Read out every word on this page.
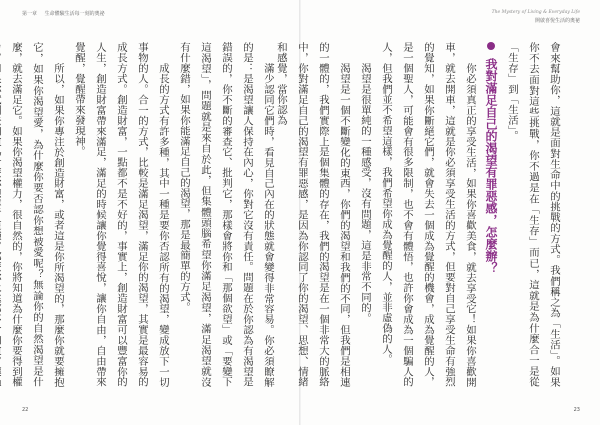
第一章 生命體驗生活每一刻的奧祕

滿少認同它們時，看見自己內在的狀態就會變得非常容易。你必須瞭解的是：是渴望讓人保持在內心，你對它沒有責任。問題在於你認為有渴望是錯誤的，你不斷的審查它、批判它，那樣會將你和「那個欲望」或「要變下這渴望」，問題就是來自於此，但集體頭腦希望你滿足渴望，滿足渴望就沒有什麼錯，如果你能滿足自己的渴望，那是最簡單的方式。

成長的方式有許多種，其中一種是要你否認所有的渴望，變成放下一切事物的人。合一的方式，比較是滿足渴望，滿足你的渴望，其實是最容易的成長方式。創造財富，一點都不是不好的，事實上，創造財富可以豐富你的人生，創造財富帶來滿足，滿足的時候讓你覺得喜悅，讓你自由，自由帶來覺醒，覺醒帶來發現神。

所以，如果你專注於創造財富，或者這是你所渴望的，那麼你就要擁抱它，如果你渴望愛，為什麼你要否認你想被愛呢？無論你的自然渴望是什麼，就去滿足它。如果你渴望權力，很自然的，你將知道為什麼你要得到權

22
The Mystery of Living & Everyday Life
開啟喜悅生活的奧祕

會來幫助你，這就是面對生命中的挑戰的方式。我們稱之為「生活」。如果你不去面對這些挑戰，你不過是在「生存」而已，這就是為什麼合一是從「生存」到「生活」。

我對滿足自己的渴望有罪惡感，怎麼辦？

你必須真正的享受生活，如果你喜歡美食，就去享受它！如果你喜歡開車，就去開車，這就是你必須享受生活的方式，但要對自己享受生命有強烈的覺知，如果你斷絕它們，就會失去一個成為覺醒的機會，成為覺醒的人，是一個聖人，可能會有很多限制，也不會有體悟，也許你會成為一個騙人的人，但我們並不希望這樣，我們希望你成為覺醒的人，並非虛偽的人。

渴望是很單純的一種感受，沒有問題，這是非常不同的。

渴望是一個不斷變化的東西，你們的渴望和我們的不同，但我們是相連的一體的，我們實際上是個集體的存在，我們的渴望是在一個非常大的脈絡中，你對滿足自己的渴望有罪惡感，是因為你認同了你的渴望、思想、情緒和感覺，當你認為

23
